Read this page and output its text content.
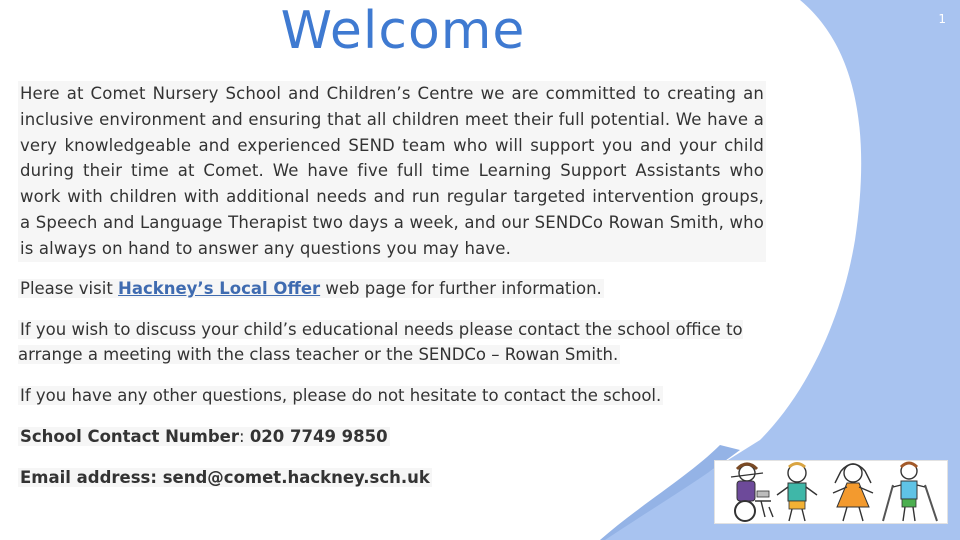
1
Welcome

Here at Comet Nursery School and Children’s Centre we are committed to creating an inclusive environment and ensuring that all children meet their full potential. We have a very knowledgeable and experienced SEND team who will support you and your child during their time at Comet. We have five full time Learning Support Assistants who work with children with additional needs and run regular targeted intervention groups, a Speech and Language Therapist two days a week, and our SENDCo Rowan Smith, who is always on hand to answer any questions you may have.

Please visit Hackney’s Local Offer web page for further information.

If you wish to discuss your child’s educational needs please contact the school office to arrange a meeting with the class teacher or the SENDCo – Rowan Smith.

If you have any other questions, please do not hesitate to contact the school.

School Contact Number: 020 7749 9850

Email address: send@comet.hackney.sch.uk
